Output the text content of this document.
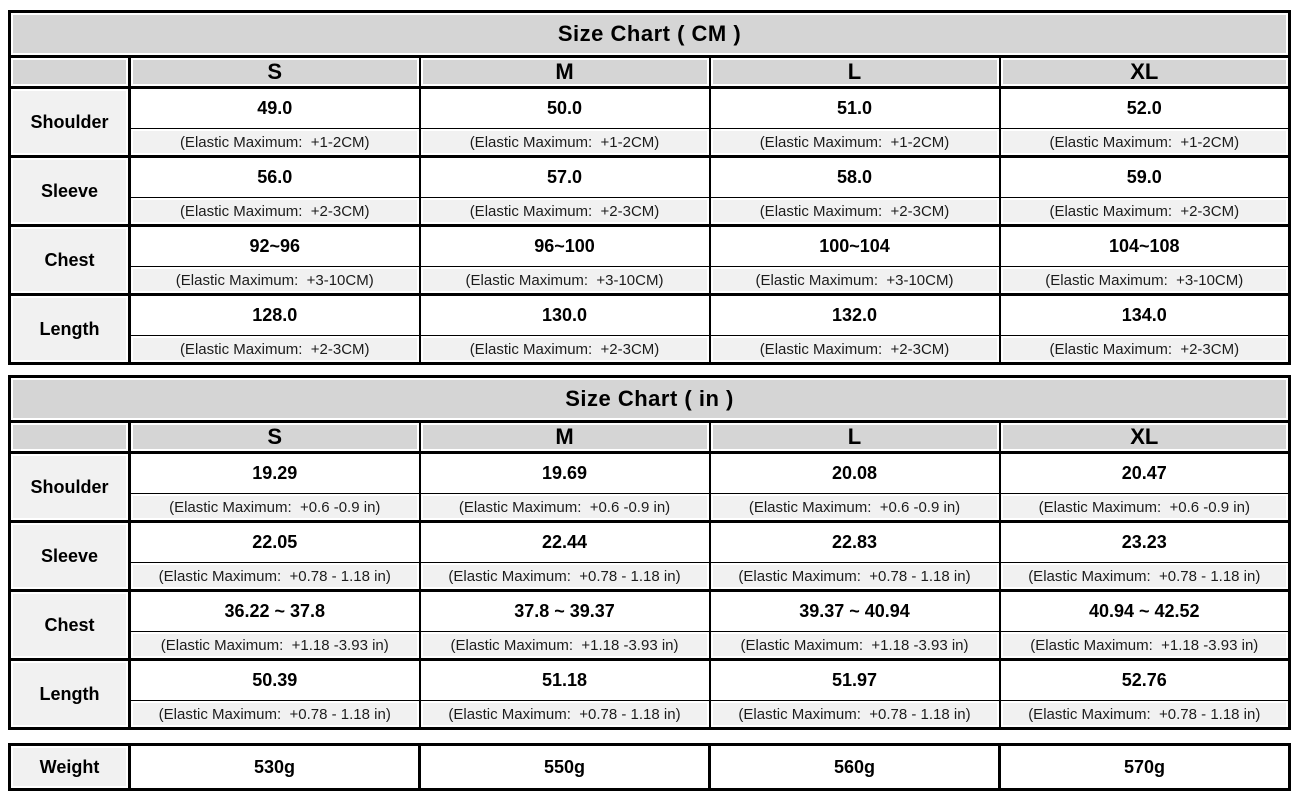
Size Chart ( CM )				
	S	M	L	XL
Shoulder	49.0	50.0	51.0	52.0
	(Elastic Maximum:  +1-2CM)	(Elastic Maximum:  +1-2CM)	(Elastic Maximum:  +1-2CM)	(Elastic Maximum:  +1-2CM)
Sleeve	56.0	57.0	58.0	59.0
	(Elastic Maximum:  +2-3CM)	(Elastic Maximum:  +2-3CM)	(Elastic Maximum:  +2-3CM)	(Elastic Maximum:  +2-3CM)
Chest	92~96	96~100	100~104	104~108
	(Elastic Maximum:  +3-10CM)	(Elastic Maximum:  +3-10CM)	(Elastic Maximum:  +3-10CM)	(Elastic Maximum:  +3-10CM)
Length	128.0	130.0	132.0	134.0
	(Elastic Maximum:  +2-3CM)	(Elastic Maximum:  +2-3CM)	(Elastic Maximum:  +2-3CM)	(Elastic Maximum:  +2-3CM)
Size Chart ( in )				
	S	M	L	XL
Shoulder	19.29	19.69	20.08	20.47
	(Elastic Maximum:  +0.6 -0.9 in)	(Elastic Maximum:  +0.6 -0.9 in)	(Elastic Maximum:  +0.6 -0.9 in)	(Elastic Maximum:  +0.6 -0.9 in)
Sleeve	22.05	22.44	22.83	23.23
	(Elastic Maximum:  +0.78 - 1.18 in)	(Elastic Maximum:  +0.78 - 1.18 in)	(Elastic Maximum:  +0.78 - 1.18 in)	(Elastic Maximum:  +0.78 - 1.18 in)
Chest	36.22 ~ 37.8	37.8 ~ 39.37	39.37 ~ 40.94	40.94 ~ 42.52
	(Elastic Maximum:  +1.18 -3.93 in)	(Elastic Maximum:  +1.18 -3.93 in)	(Elastic Maximum:  +1.18 -3.93 in)	(Elastic Maximum:  +1.18 -3.93 in)
Length	50.39	51.18	51.97	52.76
	(Elastic Maximum:  +0.78 - 1.18 in)	(Elastic Maximum:  +0.78 - 1.18 in)	(Elastic Maximum:  +0.78 - 1.18 in)	(Elastic Maximum:  +0.78 - 1.18 in)
Weight	530g	550g	560g	570g
